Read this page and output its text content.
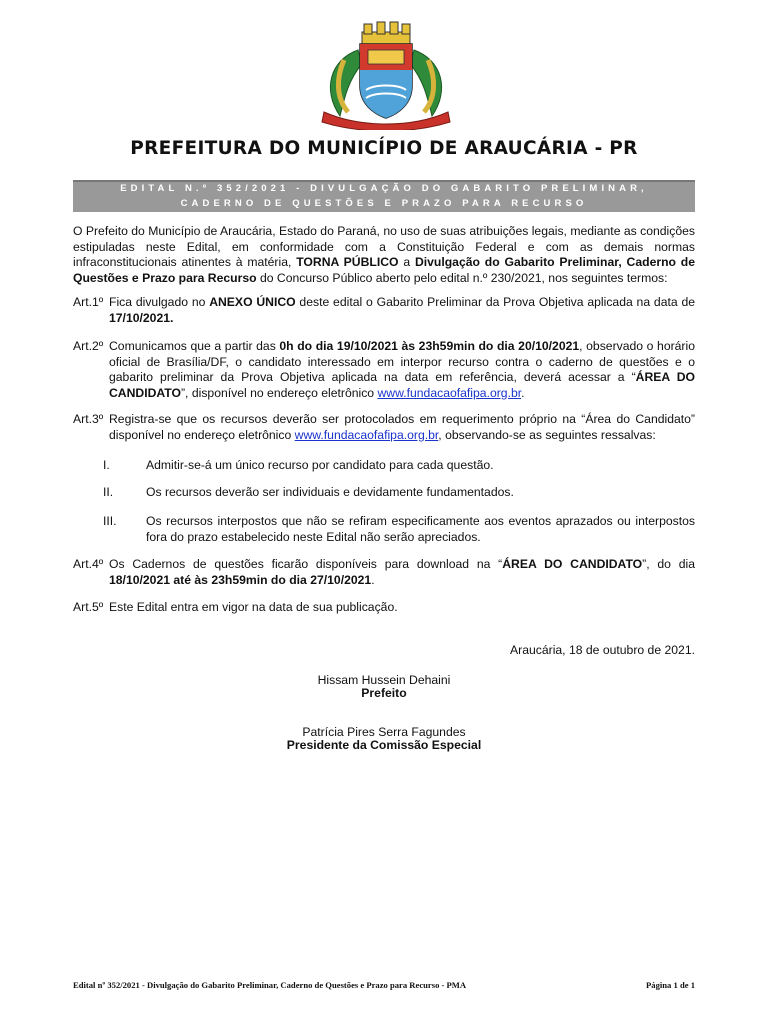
PREFEITURA DO MUNICÍPIO DE ARAUCÁRIA - PR
EDITAL N.º 352/2021 - DIVULGAÇÃO DO GABARITO PRELIMINAR,
CADERNO DE QUESTÕES E PRAZO PARA RECURSO
O Prefeito do Município de Araucária, Estado do Paraná, no uso de suas atribuições legais, mediante as condições estipuladas neste Edital, em conformidade com a Constituição Federal e com as demais normas infraconstitucionais atinentes à matéria, TORNA PÚBLICO a Divulgação do Gabarito Preliminar, Caderno de Questões e Prazo para Recurso do Concurso Público aberto pelo edital n.º 230/2021, nos seguintes termos:
Art.1º Fica divulgado no ANEXO ÚNICO deste edital o Gabarito Preliminar da Prova Objetiva aplicada na data de 17/10/2021.
Art.2º Comunicamos que a partir das 0h do dia 19/10/2021 às 23h59min do dia 20/10/2021, observado o horário oficial de Brasília/DF, o candidato interessado em interpor recurso contra o caderno de questões e o gabarito preliminar da Prova Objetiva aplicada na data em referência, deverá acessar a “ÁREA DO CANDIDATO”, disponível no endereço eletrônico www.fundacaofafipa.org.br.
Art.3º Registra-se que os recursos deverão ser protocolados em requerimento próprio na “Área do Candidato” disponível no endereço eletrônico www.fundacaofafipa.org.br, observando-se as seguintes ressalvas:
I.	Admitir-se-á um único recurso por candidato para cada questão.
II.	Os recursos deverão ser individuais e devidamente fundamentados.
III.	Os recursos interpostos que não se refiram especificamente aos eventos aprazados ou interpostos fora do prazo estabelecido neste Edital não serão apreciados.
Art.4º Os Cadernos de questões ficarão disponíveis para download na “ÁREA DO CANDIDATO”, do dia 18/10/2021 até às 23h59min do dia 27/10/2021.
Art.5º Este Edital entra em vigor na data de sua publicação.
Araucária, 18 de outubro de 2021.
Hissam Hussein Dehaini
Prefeito
Patrícia Pires Serra Fagundes
Presidente da Comissão Especial
Edital nº 352/2021 - Divulgação do Gabarito Preliminar, Caderno de Questões e Prazo para Recurso - PMA	Página 1 de 1
